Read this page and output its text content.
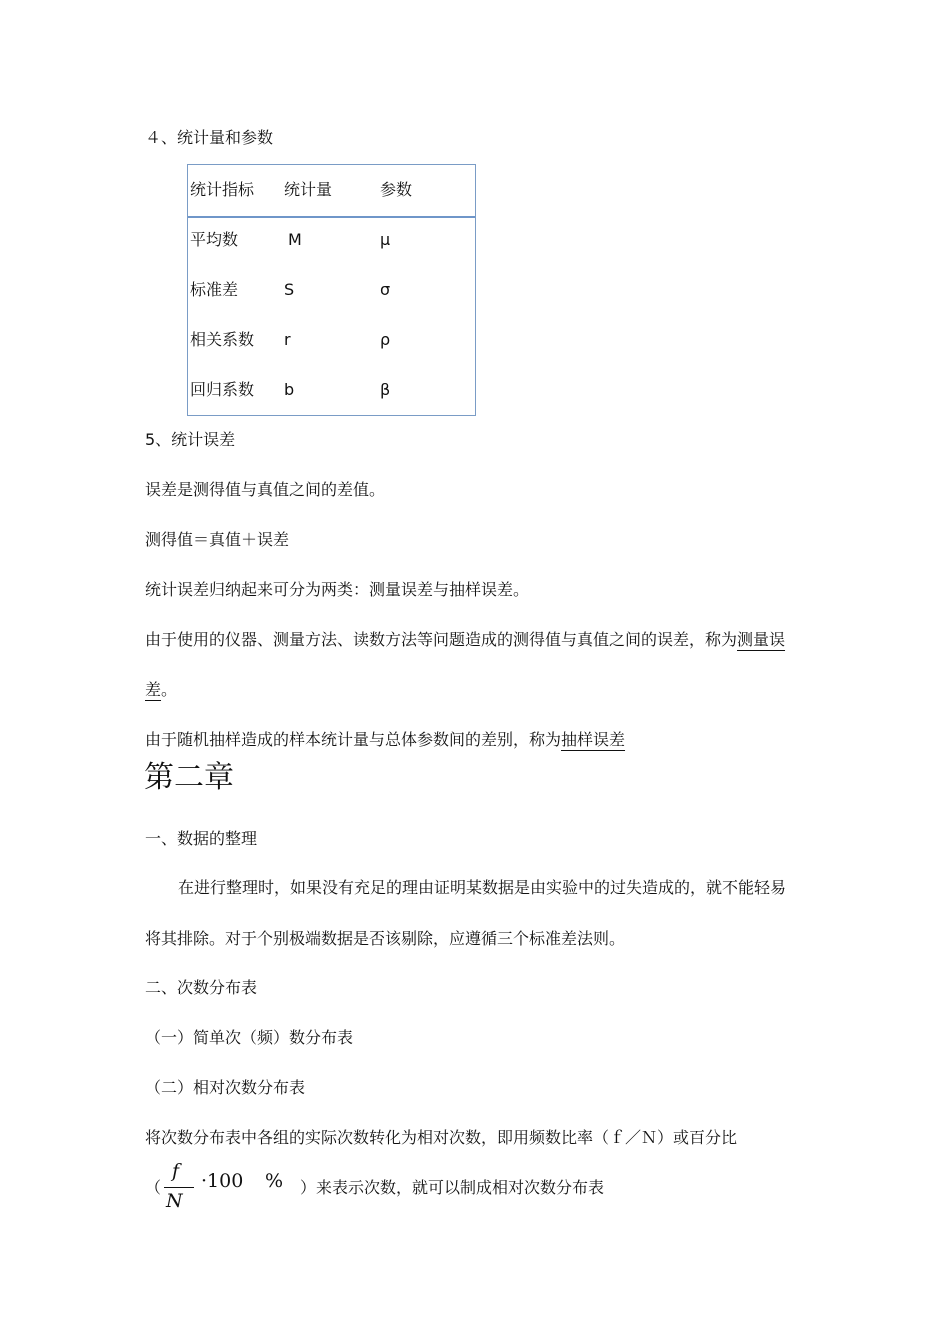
４、统计量和参数
统计指标 统计量	参数
平均数	M	μ
标准差	S	σ
相关系数 r	ρ
回归系数 b	β
5、统计误差
误差是测得值与真值之间的差值。
测得值＝真值＋误差
统计误差归纳起来可分为两类：测量误差与抽样误差。
由于使用的仪器、测量方法、读数方法等问题造成的测得值与真值之间的误差，称为测量误
差。
由于随机抽样造成的样本统计量与总体参数间的差别，称为抽样误差
第二章
一、数据的整理
在进行整理时，如果没有充足的理由证明某数据是由实验中的过失造成的，就不能轻易
将其排除。对于个别极端数据是否该剔除，应遵循三个标准差法则。
二、次数分布表
（一）简单次（频）数分布表
（二）相对次数分布表
将次数分布表中各组的实际次数转化为相对次数，即用频数比率（ｆ／Ｎ）或百分比
（
f
N
·100 % ）来表示次数，就可以制成相对次数分布表
